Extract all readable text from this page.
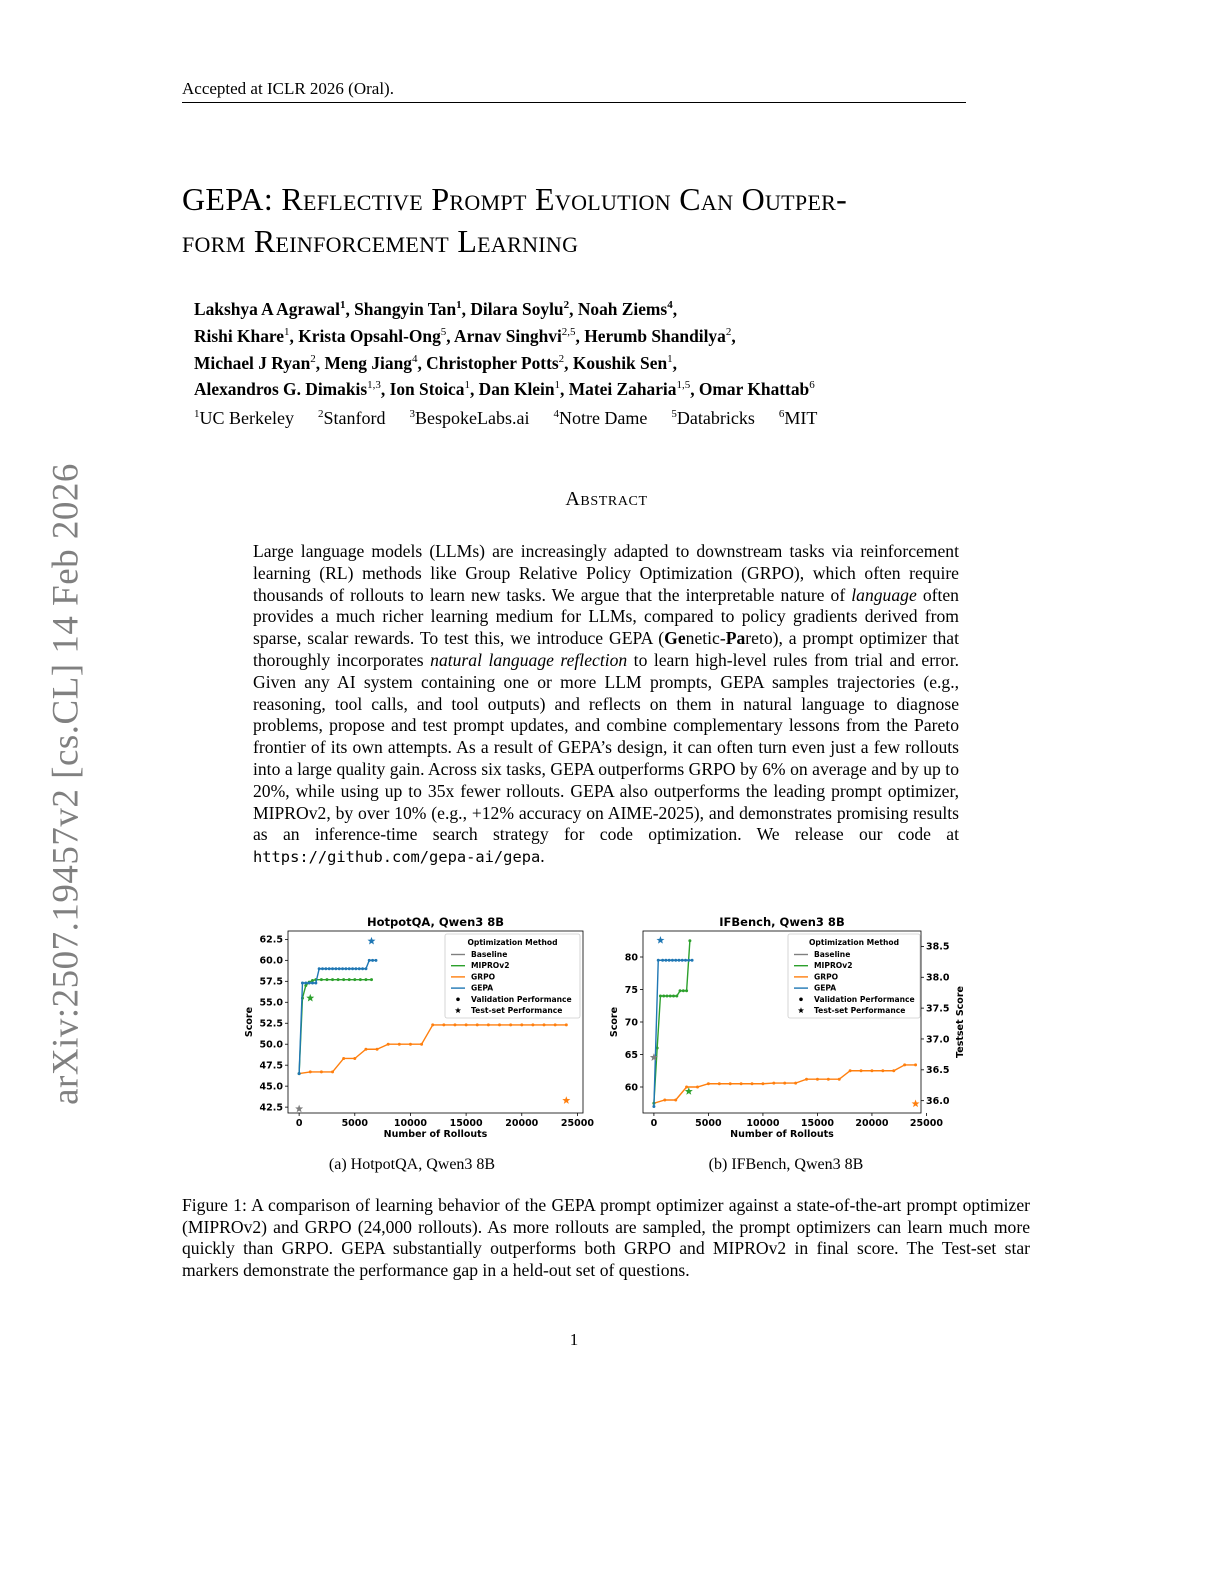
Accepted at ICLR 2026 (Oral).
GEPA: Reflective Prompt Evolution Can Outper-
form Reinforcement Learning
Lakshya A Agrawal$^1$, Shangyin Tan$^1$, Dilara Soylu$^2$, Noah Ziems$^4$,
Rishi Khare$^1$, Krista Opsahl-Ong$^5$, Arnav Singhvi$^{2,5}$, Herumb Shandilya$^2$,
Michael J Ryan$^2$, Meng Jiang$^4$, Christopher Potts$^2$, Koushik Sen$^1$,
Alexandros G. Dimakis$^{1,3}$, Ion Stoica$^1$, Dan Klein$^1$, Matei Zaharia$^{1,5}$, Omar Khattab$^6$
$^1$UC Berkeley $^2$Stanford $^3$BespokeLabs.ai $^4$Notre Dame $^5$Databricks $^6$MIT
Abstract
Large language models (LLMs) are increasingly adapted to downstream tasks via reinforcement learning (RL) methods like Group Relative Policy Optimization (GRPO), which often require thousands of rollouts to learn new tasks. We argue that the interpretable nature of language often provides a much richer learning medium for LLMs, compared to policy gradients derived from sparse, scalar rewards. To test this, we introduce GEPA (Genetic-Pareto), a prompt optimizer that thoroughly incorporates natural language reflection to learn high-level rules from trial and error. Given any AI system containing one or more LLM prompts, GEPA samples trajectories (e.g., reasoning, tool calls, and tool outputs) and reflects on them in natural language to diagnose problems, propose and test prompt updates, and combine complementary lessons from the Pareto frontier of its own attempts. As a result of GEPA’s design, it can often turn even just a few rollouts into a large quality gain. Across six tasks, GEPA outperforms GRPO by 6% on average and by up to 20%, while using up to 35x fewer rollouts. GEPA also outperforms the leading prompt optimizer, MIPROv2, by over 10% (e.g., +12% accuracy on AIME-2025), and demonstrates promising results as an inference-time search strategy for code optimization. We release our code at https://github.com/gepa-ai/gepa.
arXiv:2507.19457v2 [cs.CL] 14 Feb 2026	HotpotQA, Qwen3 8B
0	5000	10000 15000 20000 25000
42.5
45.0
47.5
50.0
52.5
55.0
57.5
60.0
62.5
Number of Rollouts
Score
Optimization Method
Baseline
MIPROv2
GRPO
GEPA
Validation Performance
Test-set Performance
IFBench, Qwen3 8B
0	5000	10000 15000 20000 25000
60
65
70
75
80
36.0
36.5
37.0
37.5
38.0
38.5
Testset Score
Number of Rollouts
Score
Optimization Method
Baseline
MIPROv2
GRPO
GEPA
Validation Performance
Test-set Performance
(a) HotpotQA, Qwen3 8B	(b) IFBench, Qwen3 8B
Figure 1: A comparison of learning behavior of the GEPA prompt optimizer against a state-of-the-art prompt optimizer (MIPROv2) and GRPO (24,000 rollouts). As more rollouts are sampled, the prompt optimizers can learn much more quickly than GRPO. GEPA substantially outperforms both GRPO and MIPROv2 in final score. The Test-set star markers demonstrate the performance gap in a held-out set of questions.
1
